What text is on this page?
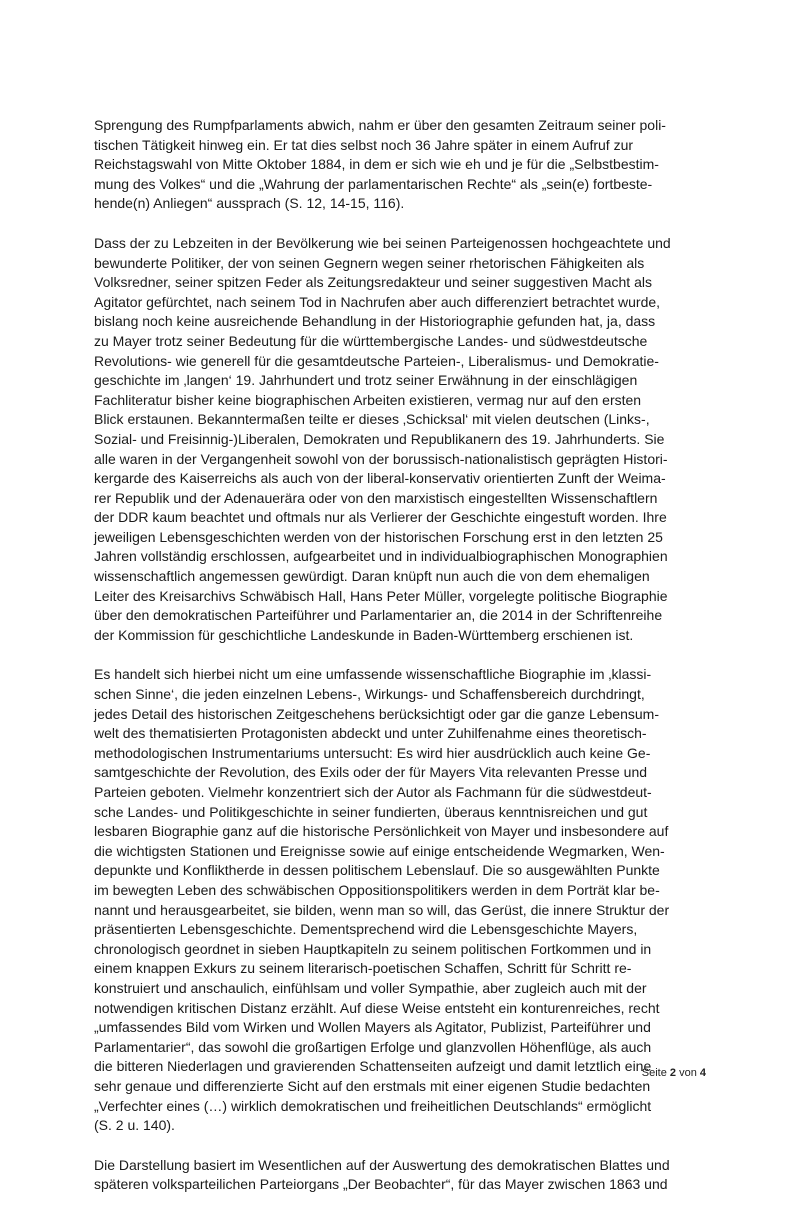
Sprengung des Rumpfparlaments abwich, nahm er über den gesamten Zeitraum seiner poli-
tischen Tätigkeit hinweg ein. Er tat dies selbst noch 36 Jahre später in einem Aufruf zur
Reichstagswahl von Mitte Oktober 1884, in dem er sich wie eh und je für die „Selbstbestim-
mung des Volkes“ und die „Wahrung der parlamentarischen Rechte“ als „sein(e) fortbeste-
hende(n) Anliegen“ aussprach (S. 12, 14-15, 116).

Dass der zu Lebzeiten in der Bevölkerung wie bei seinen Parteigenossen hochgeachtete und
bewunderte Politiker, der von seinen Gegnern wegen seiner rhetorischen Fähigkeiten als
Volksredner, seiner spitzen Feder als Zeitungsredakteur und seiner suggestiven Macht als
Agitator gefürchtet, nach seinem Tod in Nachrufen aber auch differenziert betrachtet wurde,
bislang noch keine ausreichende Behandlung in der Historiographie gefunden hat, ja, dass
zu Mayer trotz seiner Bedeutung für die württembergische Landes- und südwestdeutsche
Revolutions- wie generell für die gesamtdeutsche Parteien-, Liberalismus- und Demokratie-
geschichte im ‚langen‘ 19. Jahrhundert und trotz seiner Erwähnung in der einschlägigen
Fachliteratur bisher keine biographischen Arbeiten existieren, vermag nur auf den ersten
Blick erstaunen. Bekanntermaßen teilte er dieses ‚Schicksal‘ mit vielen deutschen (Links-,
Sozial- und Freisinnig-)Liberalen, Demokraten und Republikanern des 19. Jahrhunderts. Sie
alle waren in der Vergangenheit sowohl von der borussisch-nationalistisch geprägten Histori-
kergarde des Kaiserreichs als auch von der liberal-konservativ orientierten Zunft der Weima-
rer Republik und der Adenauerära oder von den marxistisch eingestellten Wissenschaftlern
der DDR kaum beachtet und oftmals nur als Verlierer der Geschichte eingestuft worden. Ihre
jeweiligen Lebensgeschichten werden von der historischen Forschung erst in den letzten 25
Jahren vollständig erschlossen, aufgearbeitet und in individualbiographischen Monographien
wissenschaftlich angemessen gewürdigt. Daran knüpft nun auch die von dem ehemaligen
Leiter des Kreisarchivs Schwäbisch Hall, Hans Peter Müller, vorgelegte politische Biographie
über den demokratischen Parteiführer und Parlamentarier an, die 2014 in der Schriftenreihe
der Kommission für geschichtliche Landeskunde in Baden-Württemberg erschienen ist.

Es handelt sich hierbei nicht um eine umfassende wissenschaftliche Biographie im ‚klassi-
schen Sinne‘, die jeden einzelnen Lebens-, Wirkungs- und Schaffensbereich durchdringt,
jedes Detail des historischen Zeitgeschehens berücksichtigt oder gar die ganze Lebensum-
welt des thematisierten Protagonisten abdeckt und unter Zuhilfenahme eines theoretisch-
methodologischen Instrumentariums untersucht: Es wird hier ausdrücklich auch keine Ge-
samtgeschichte der Revolution, des Exils oder der für Mayers Vita relevanten Presse und
Parteien geboten. Vielmehr konzentriert sich der Autor als Fachmann für die südwestdeut-
sche Landes- und Politikgeschichte in seiner fundierten, überaus kenntnisreichen und gut
lesbaren Biographie ganz auf die historische Persönlichkeit von Mayer und insbesondere auf
die wichtigsten Stationen und Ereignisse sowie auf einige entscheidende Wegmarken, Wen-
depunkte und Konfliktherde in dessen politischem Lebenslauf. Die so ausgewählten Punkte
im bewegten Leben des schwäbischen Oppositionspolitikers werden in dem Porträt klar be-
nannt und herausgearbeitet, sie bilden, wenn man so will, das Gerüst, die innere Struktur der
präsentierten Lebensgeschichte. Dementsprechend wird die Lebensgeschichte Mayers,
chronologisch geordnet in sieben Hauptkapiteln zu seinem politischen Fortkommen und in
einem knappen Exkurs zu seinem literarisch-poetischen Schaffen, Schritt für Schritt re-
konstruiert und anschaulich, einfühlsam und voller Sympathie, aber zugleich auch mit der
notwendigen kritischen Distanz erzählt. Auf diese Weise entsteht ein konturenreiches, recht
„umfassendes Bild vom Wirken und Wollen Mayers als Agitator, Publizist, Parteiführer und
Parlamentarier“, das sowohl die großartigen Erfolge und glanzvollen Höhenflüge, als auch
die bitteren Niederlagen und gravierenden Schattenseiten aufzeigt und damit letztlich eine
sehr genaue und differenzierte Sicht auf den erstmals mit einer eigenen Studie bedachten
„Verfechter eines (…) wirklich demokratischen und freiheitlichen Deutschlands“ ermöglicht
(S. 2 u. 140).

Die Darstellung basiert im Wesentlichen auf der Auswertung des demokratischen Blattes und
späteren volksparteilichen Parteiorgans „Der Beobachter“, für das Mayer zwischen 1863 und

Seite 2 von 4
